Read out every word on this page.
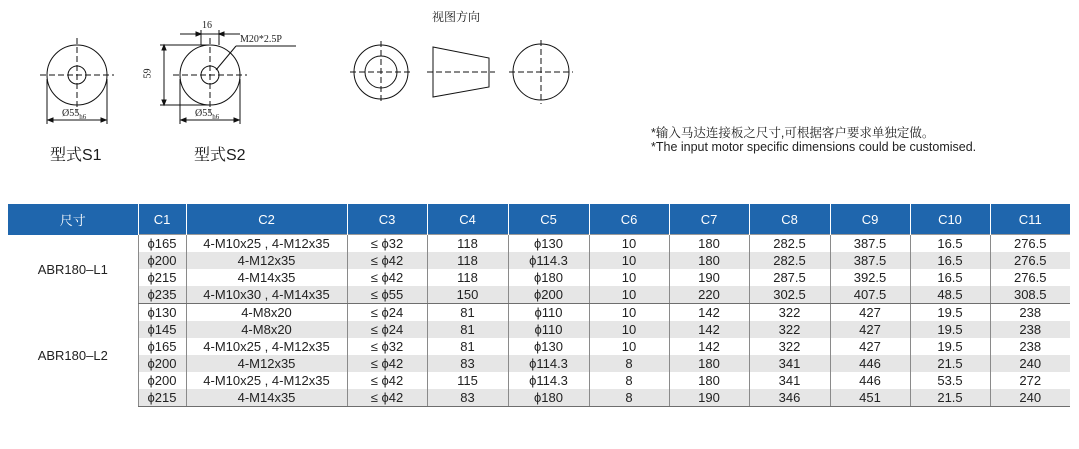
$Ø55_{h6}$	$Ø55_{h6}$
16
M20*2.5P
59
型式S1	型式S2
视图方向
*输入马达连接板之尺寸,可根据客户要求单独定做。
*The input motor specific dimensions could be customised.
尺寸	C1	C2	C3	C4	C5	C6	C7	C8	C9	C10	C11
ABR180–L1	ϕ165	4-M10x25 , 4-M12x35	≤ ϕ32	118	ϕ130	10	180	282.5	387.5	16.5	276.5
	ϕ200	4-M12x35	≤ ϕ42	118	ϕ114.3	10	180	282.5	387.5	16.5	276.5
	ϕ215	4-M14x35	≤ ϕ42	118	ϕ180	10	190	287.5	392.5	16.5	276.5
	ϕ235	4-M10x30 , 4-M14x35	≤ ϕ55	150	ϕ200	10	220	302.5	407.5	48.5	308.5
ABR180–L2	ϕ130	4-M8x20	≤ ϕ24	81	ϕ110	10	142	322	427	19.5	238
	ϕ145	4-M8x20	≤ ϕ24	81	ϕ110	10	142	322	427	19.5	238
	ϕ165	4-M10x25 , 4-M12x35	≤ ϕ32	81	ϕ130	10	142	322	427	19.5	238
	ϕ200	4-M12x35	≤ ϕ42	83	ϕ114.3	8	180	341	446	21.5	240
	ϕ200	4-M10x25 , 4-M12x35	≤ ϕ42	115	ϕ114.3	8	180	341	446	53.5	272
	ϕ215	4-M14x35	≤ ϕ42	83	ϕ180	8	190	346	451	21.5	240
